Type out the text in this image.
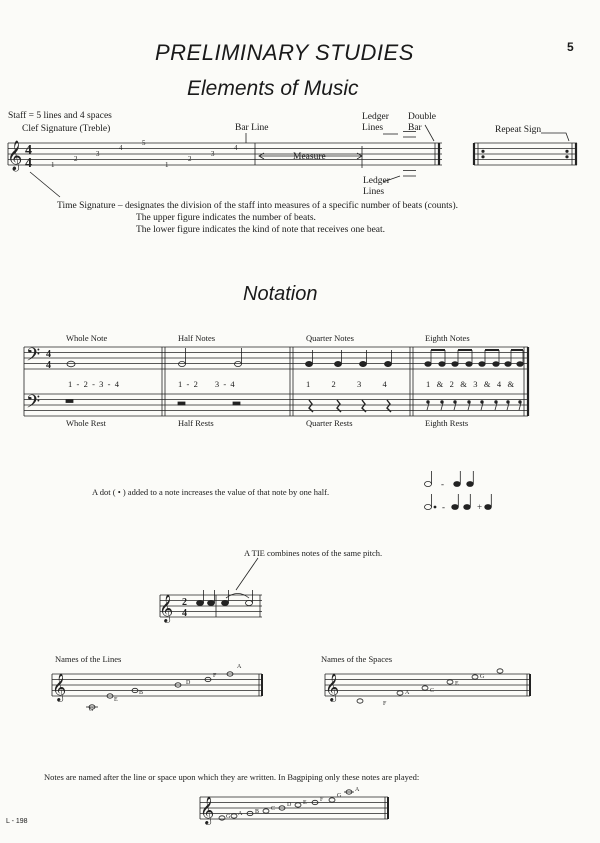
PRELIMINARY STUDIES
Elements of Music
5
Staff = 5 lines and 4 spaces
Clef Signature (Treble)	Bar Line
Ledger Lines
Double Bar
Measure
Ledger Lines
Repeat Sign
Time Signature – designates the division of the staff into measures of a specific number of beats (counts).
The upper figure indicates the number of beats.
The lower figure indicates the kind of note that receives one beat.
Notation
Whole Note	Half Notes	Quarter Notes	Eighth Notes
1  -  2  -  3  -  4	1  -  2        3  -  4	1          2          3          4	1   &   2   &   3   &   4   &
Whole Rest	Half Rests	Quarter Rests	Eighth Rests
A dot ( • ) added to a note increases the value of that note by one half.
A TIE combines notes of the same pitch.
Names of the Lines	Names of the Spaces
Notes are named after the line or space upon which they are written. In Bagpiping only these notes are played:
L - 198
𝄞
𝄢
𝄢
𝄞
𝄞	𝄞
𝄞
4
4
4
4
2
4
1
2
3
4
5
1
2
3
4
-
-	+
G
E
B
D
F
A
F
A	C
E
G
G A B C
D E F
G
A
